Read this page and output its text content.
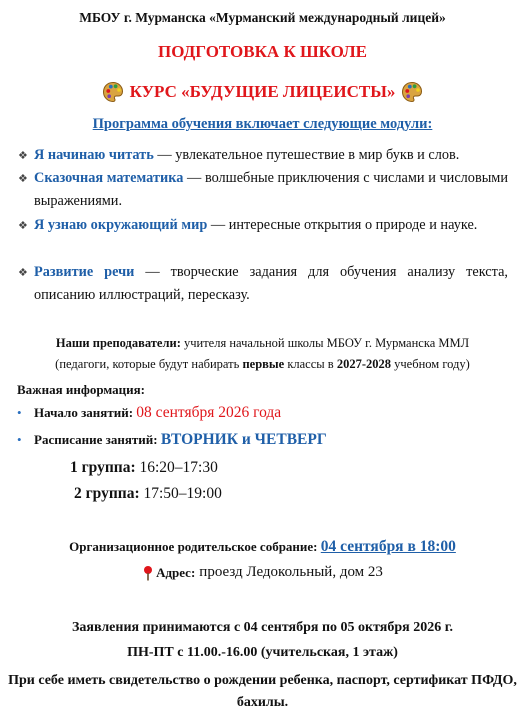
МБОУ г. Мурманска «Мурманский международный лицей»
ПОДГОТОВКА К ШКОЛЕ
КУРС «БУДУЩИЕ ЛИЦЕИСТЫ»
Программа обучения включает следующие модули:
❖ Я начинаю читать — увлекательное путешествие в мир букв и слов.
❖ Сказочная математика — волшебные приключения с числами и числовыми выражениями.
❖ Я узнаю окружающий мир — интересные открытия о природе и науке.
❖ Развитие речи — творческие задания для обучения анализу текста, описанию иллюстраций, пересказу.
Наши преподаватели: учителя начальной школы МБОУ г. Мурманска ММЛ
(педагоги, которые будут набирать первые классы в 2027-2028 учебном году)
Важная информация:
• Начало занятий:
08 сентября 2026 года
• Расписание занятий:
ВТОРНИК и ЧЕТВЕРГ
1 группа: 16:20–17:30
2 группа: 17:50–19:00
Организационное родительское собрание: 04 сентября в 18:00
Адрес: проезд Ледокольный, дом 23
Заявления принимаются с 04 сентября по 05 октября 2026 г.
ПН-ПТ с 11.00.-16.00 (учительская, 1 этаж)
При себе иметь свидетельство о рождении ребенка, паспорт, сертификат ПФДО, бахилы.
